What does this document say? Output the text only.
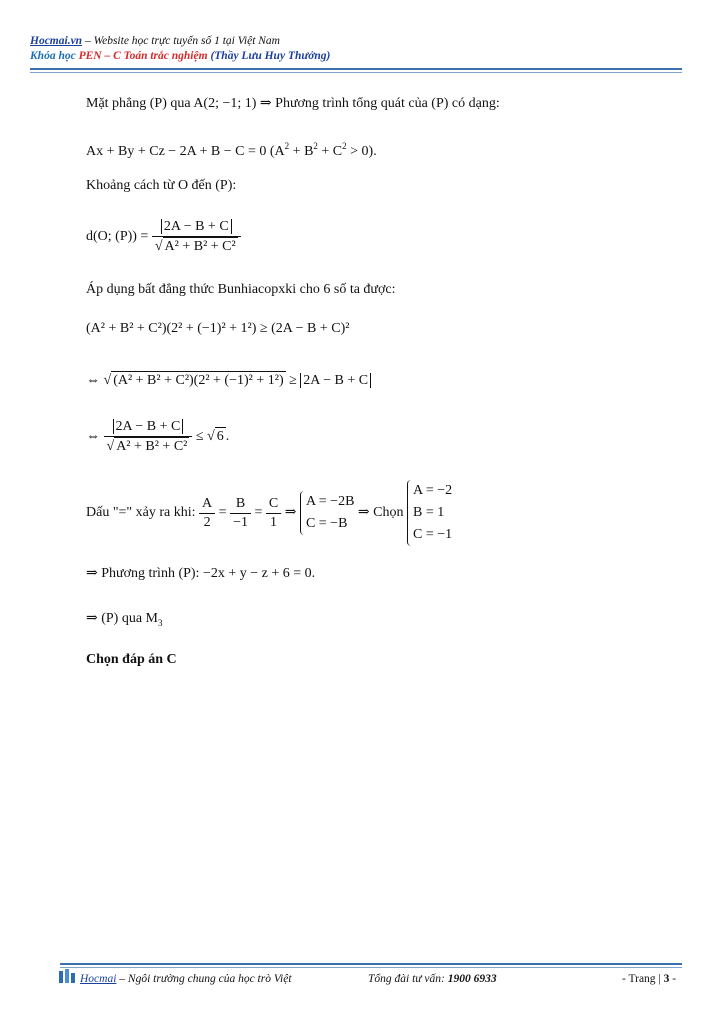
Hocmai.vn – Website học trực tuyến số 1 tại Việt Nam
Khóa học PEN – C Toán trắc nghiệm (Thầy Lưu Huy Thưởng)
Mặt phẳng (P) qua A(2; −1; 1) ⇒ Phương trình tổng quát của (P) có dạng:
Ax + By + Cz − 2A + B − C = 0 $(A^2 + B^2 + C^2 > 0)$.
Khoảng cách từ O đến (P):
d(O; $(P)) = \frac{2A - B + C}{\text{√ A² + B² + C²}}$
Áp dụng bất đẳng thức Bunhiacopxki cho 6 số ta được:
(A² + B² + C²)(2² + (−1)² + 1²) ≥ (2A − B + C)²
⇔ √ (A² + B² + C²)(2² + (−1)² + 1²) ≥ 2A − B + C
⇔ $\frac{2A - B + C}{\text{√ A² + B² + C²}}$ ≤ √ 6 .
Dấu "=" xảy ra khi: $\frac{A}{2} = \frac{B}{-1} = \frac{C}{1}$ ⇒
A = −2B
C = −B
⇒ Chọn
A = −2
B = 1
C = −1
⇒ Phương trình (P): −2x + y − z + 6 = 0.
⇒ (P) qua $M_3$
Chọn đáp án C
Hocmai – Ngôi trường chung của học trò Việt	Tổng đài tư vấn: 1900 6933	- Trang | 3 -
